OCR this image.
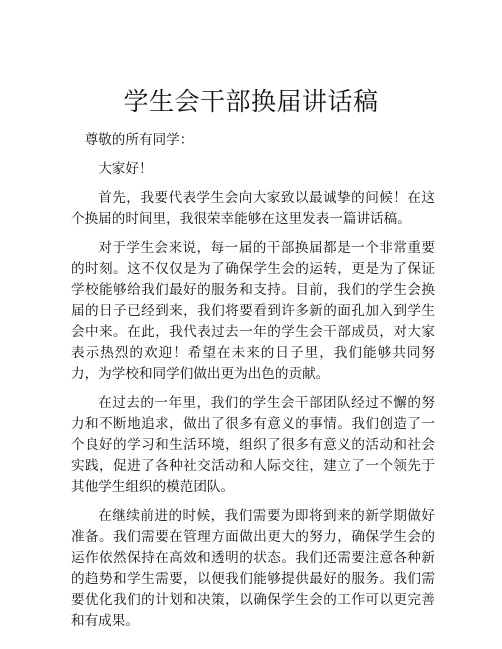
学生会干部换届讲话稿

尊敬的所有同学：

大家好！

首先，我要代表学生会向大家致以最诚挚的问候！在这个换届的时间里，我很荣幸能够在这里发表一篇讲话稿。

对于学生会来说，每一届的干部换届都是一个非常重要的时刻。这不仅仅是为了确保学生会的运转，更是为了保证学校能够给我们最好的服务和支持。目前，我们的学生会换届的日子已经到来，我们将要看到许多新的面孔加入到学生会中来。在此，我代表过去一年的学生会干部成员，对大家表示热烈的欢迎！希望在未来的日子里，我们能够共同努力，为学校和同学们做出更为出色的贡献。

在过去的一年里，我们的学生会干部团队经过不懈的努力和不断地追求，做出了很多有意义的事情。我们创造了一个良好的学习和生活环境，组织了很多有意义的活动和社会实践，促进了各种社交活动和人际交往，建立了一个领先于其他学生组织的模范团队。

在继续前进的时候，我们需要为即将到来的新学期做好准备。我们需要在管理方面做出更大的努力，确保学生会的运作依然保持在高效和透明的状态。我们还需要注意各种新的趋势和学生需要，以便我们能够提供最好的服务。我们需要优化我们的计划和决策，以确保学生会的工作可以更完善和有成果。
